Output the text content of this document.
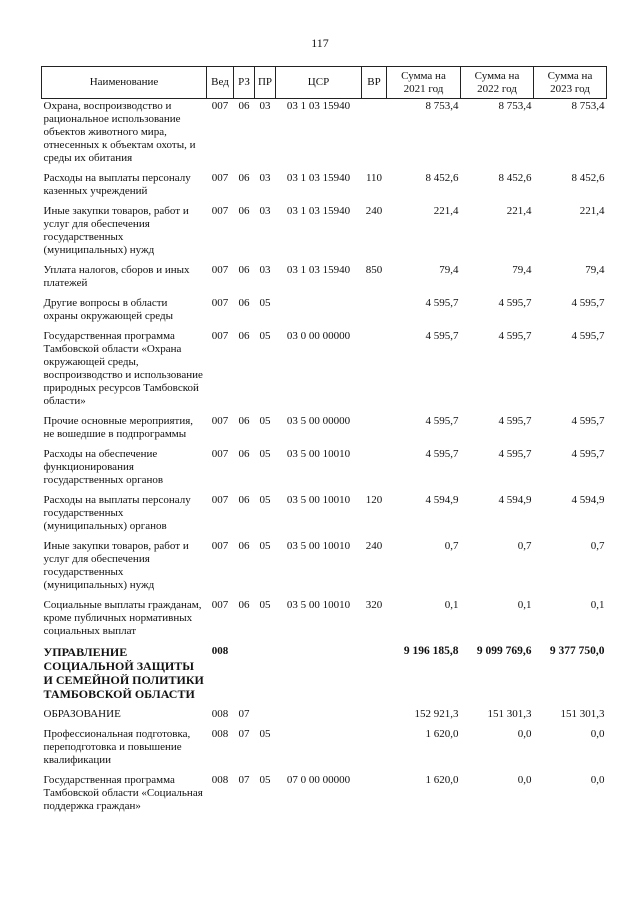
117
Наименование	Вед	РЗ	ПР	ЦСР	ВР	Сумма на 2021 год	Сумма на 2022 год	Сумма на 2023 год
Охрана, воспроизводство и рациональное использование объектов животного мира, отнесенных к объектам охоты, и среды их обитания	007	06	03	03 1 03 15940		8 753,4	8 753,4	8 753,4
Расходы на выплаты персоналу казенных учреждений	007	06	03	03 1 03 15940	110	8 452,6	8 452,6	8 452,6
Иные закупки товаров, работ и услуг для обеспечения государственных (муниципальных) нужд	007	06	03	03 1 03 15940	240	221,4	221,4	221,4
Уплата налогов, сборов и иных платежей	007	06	03	03 1 03 15940	850	79,4	79,4	79,4
Другие вопросы в области охраны окружающей среды	007	06	05			4 595,7	4 595,7	4 595,7
Государственная программа Тамбовской области «Охрана окружающей среды, воспроизводство и использование природных ресурсов Тамбовской области»	007	06	05	03 0 00 00000		4 595,7	4 595,7	4 595,7
Прочие основные мероприятия, не вошедшие в подпрограммы	007	06	05	03 5 00 00000		4 595,7	4 595,7	4 595,7
Расходы на обеспечение функционирования государственных органов	007	06	05	03 5 00 10010		4 595,7	4 595,7	4 595,7
Расходы на выплаты персоналу государственных (муниципальных) органов	007	06	05	03 5 00 10010	120	4 594,9	4 594,9	4 594,9
Иные закупки товаров, работ и услуг для обеспечения государственных (муниципальных) нужд	007	06	05	03 5 00 10010	240	0,7	0,7	0,7
Социальные выплаты гражданам, кроме публичных нормативных социальных выплат	007	06	05	03 5 00 10010	320	0,1	0,1	0,1
УПРАВЛЕНИЕ СОЦИАЛЬНОЙ ЗАЩИТЫ И СЕМЕЙНОЙ ПОЛИТИКИ ТАМБОВСКОЙ ОБЛАСТИ	008					9 196 185,8	9 099 769,6	9 377 750,0
ОБРАЗОВАНИЕ	008	07				152 921,3	151 301,3	151 301,3
Профессиональная подготовка, переподготовка и повышение квалификации	008	07	05			1 620,0	0,0	0,0
Государственная программа Тамбовской области «Социальная поддержка граждан»	008	07	05	07 0 00 00000		1 620,0	0,0	0,0
